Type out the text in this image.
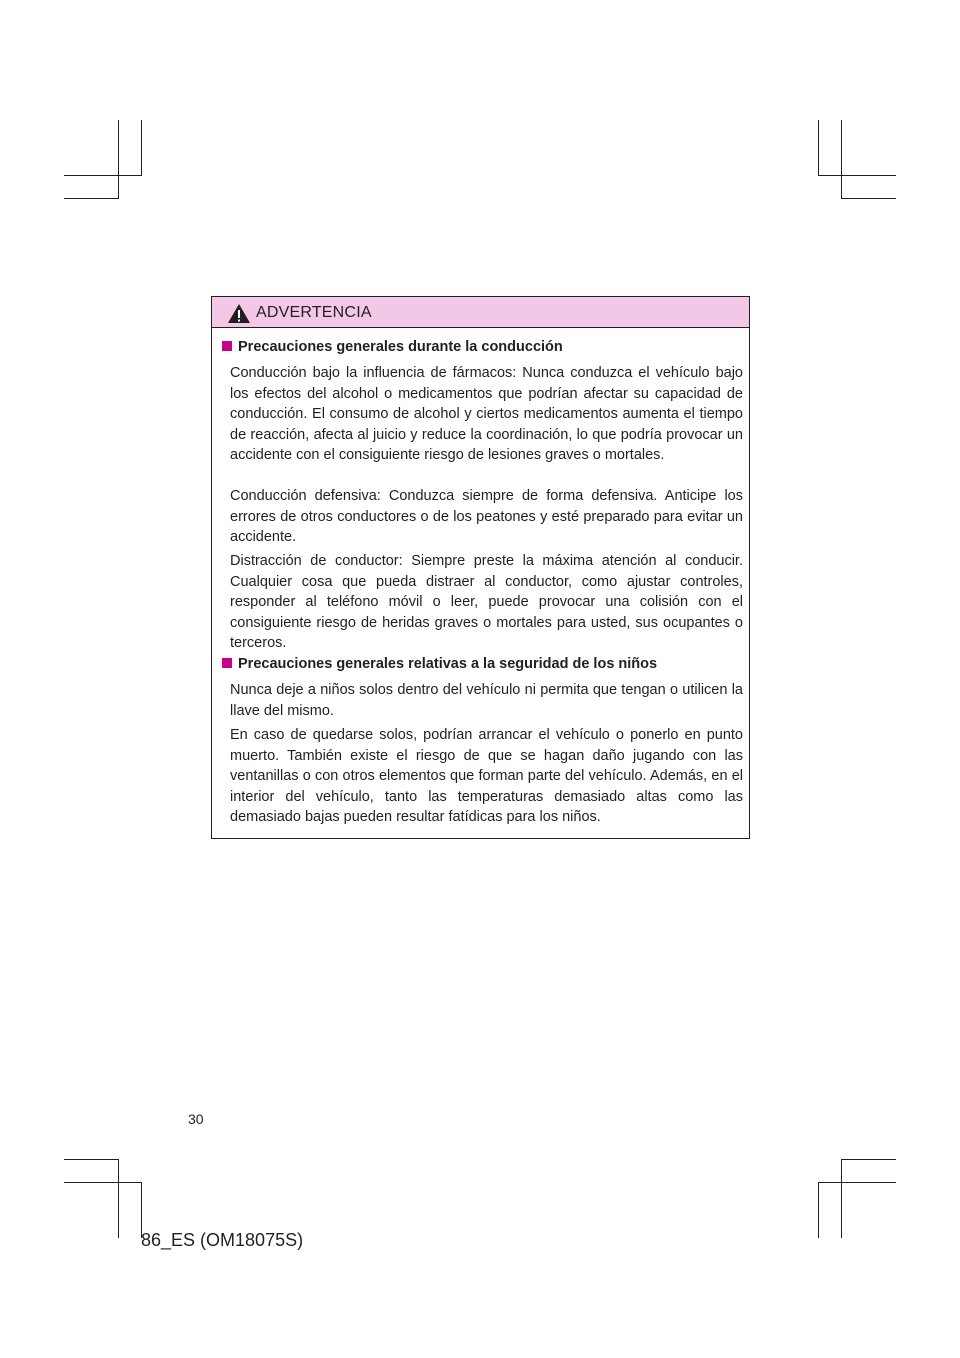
ADVERTENCIA
Precauciones generales durante la conducción

Conducción bajo la influencia de fármacos: Nunca conduzca el vehículo bajo los efectos del alcohol o medicamentos que podrían afectar su capacidad de conducción. El consumo de alcohol y ciertos medicamentos aumenta el tiempo de reacción, afecta al juicio y reduce la coordinación, lo que podría provocar un accidente con el consiguiente riesgo de lesiones graves o mortales.

Conducción defensiva: Conduzca siempre de forma defensiva. Anticipe los errores de otros conductores o de los peatones y esté preparado para evitar un accidente.

Distracción de conductor: Siempre preste la máxima atención al conducir. Cualquier cosa que pueda distraer al conductor, como ajustar controles, responder al teléfono móvil o leer, puede provocar una colisión con el consiguiente riesgo de heridas graves o mortales para usted, sus ocupantes o terceros.

Precauciones generales relativas a la seguridad de los niños

Nunca deje a niños solos dentro del vehículo ni permita que tengan o utilicen la llave del mismo.

En caso de quedarse solos, podrían arrancar el vehículo o ponerlo en punto muerto. También existe el riesgo de que se hagan daño jugando con las ventanillas o con otros elementos que forman parte del vehículo. Además, en el interior del vehículo, tanto las temperaturas demasiado altas como las demasiado bajas pueden resultar fatídicas para los niños.

30
86_ES (OM18075S)
